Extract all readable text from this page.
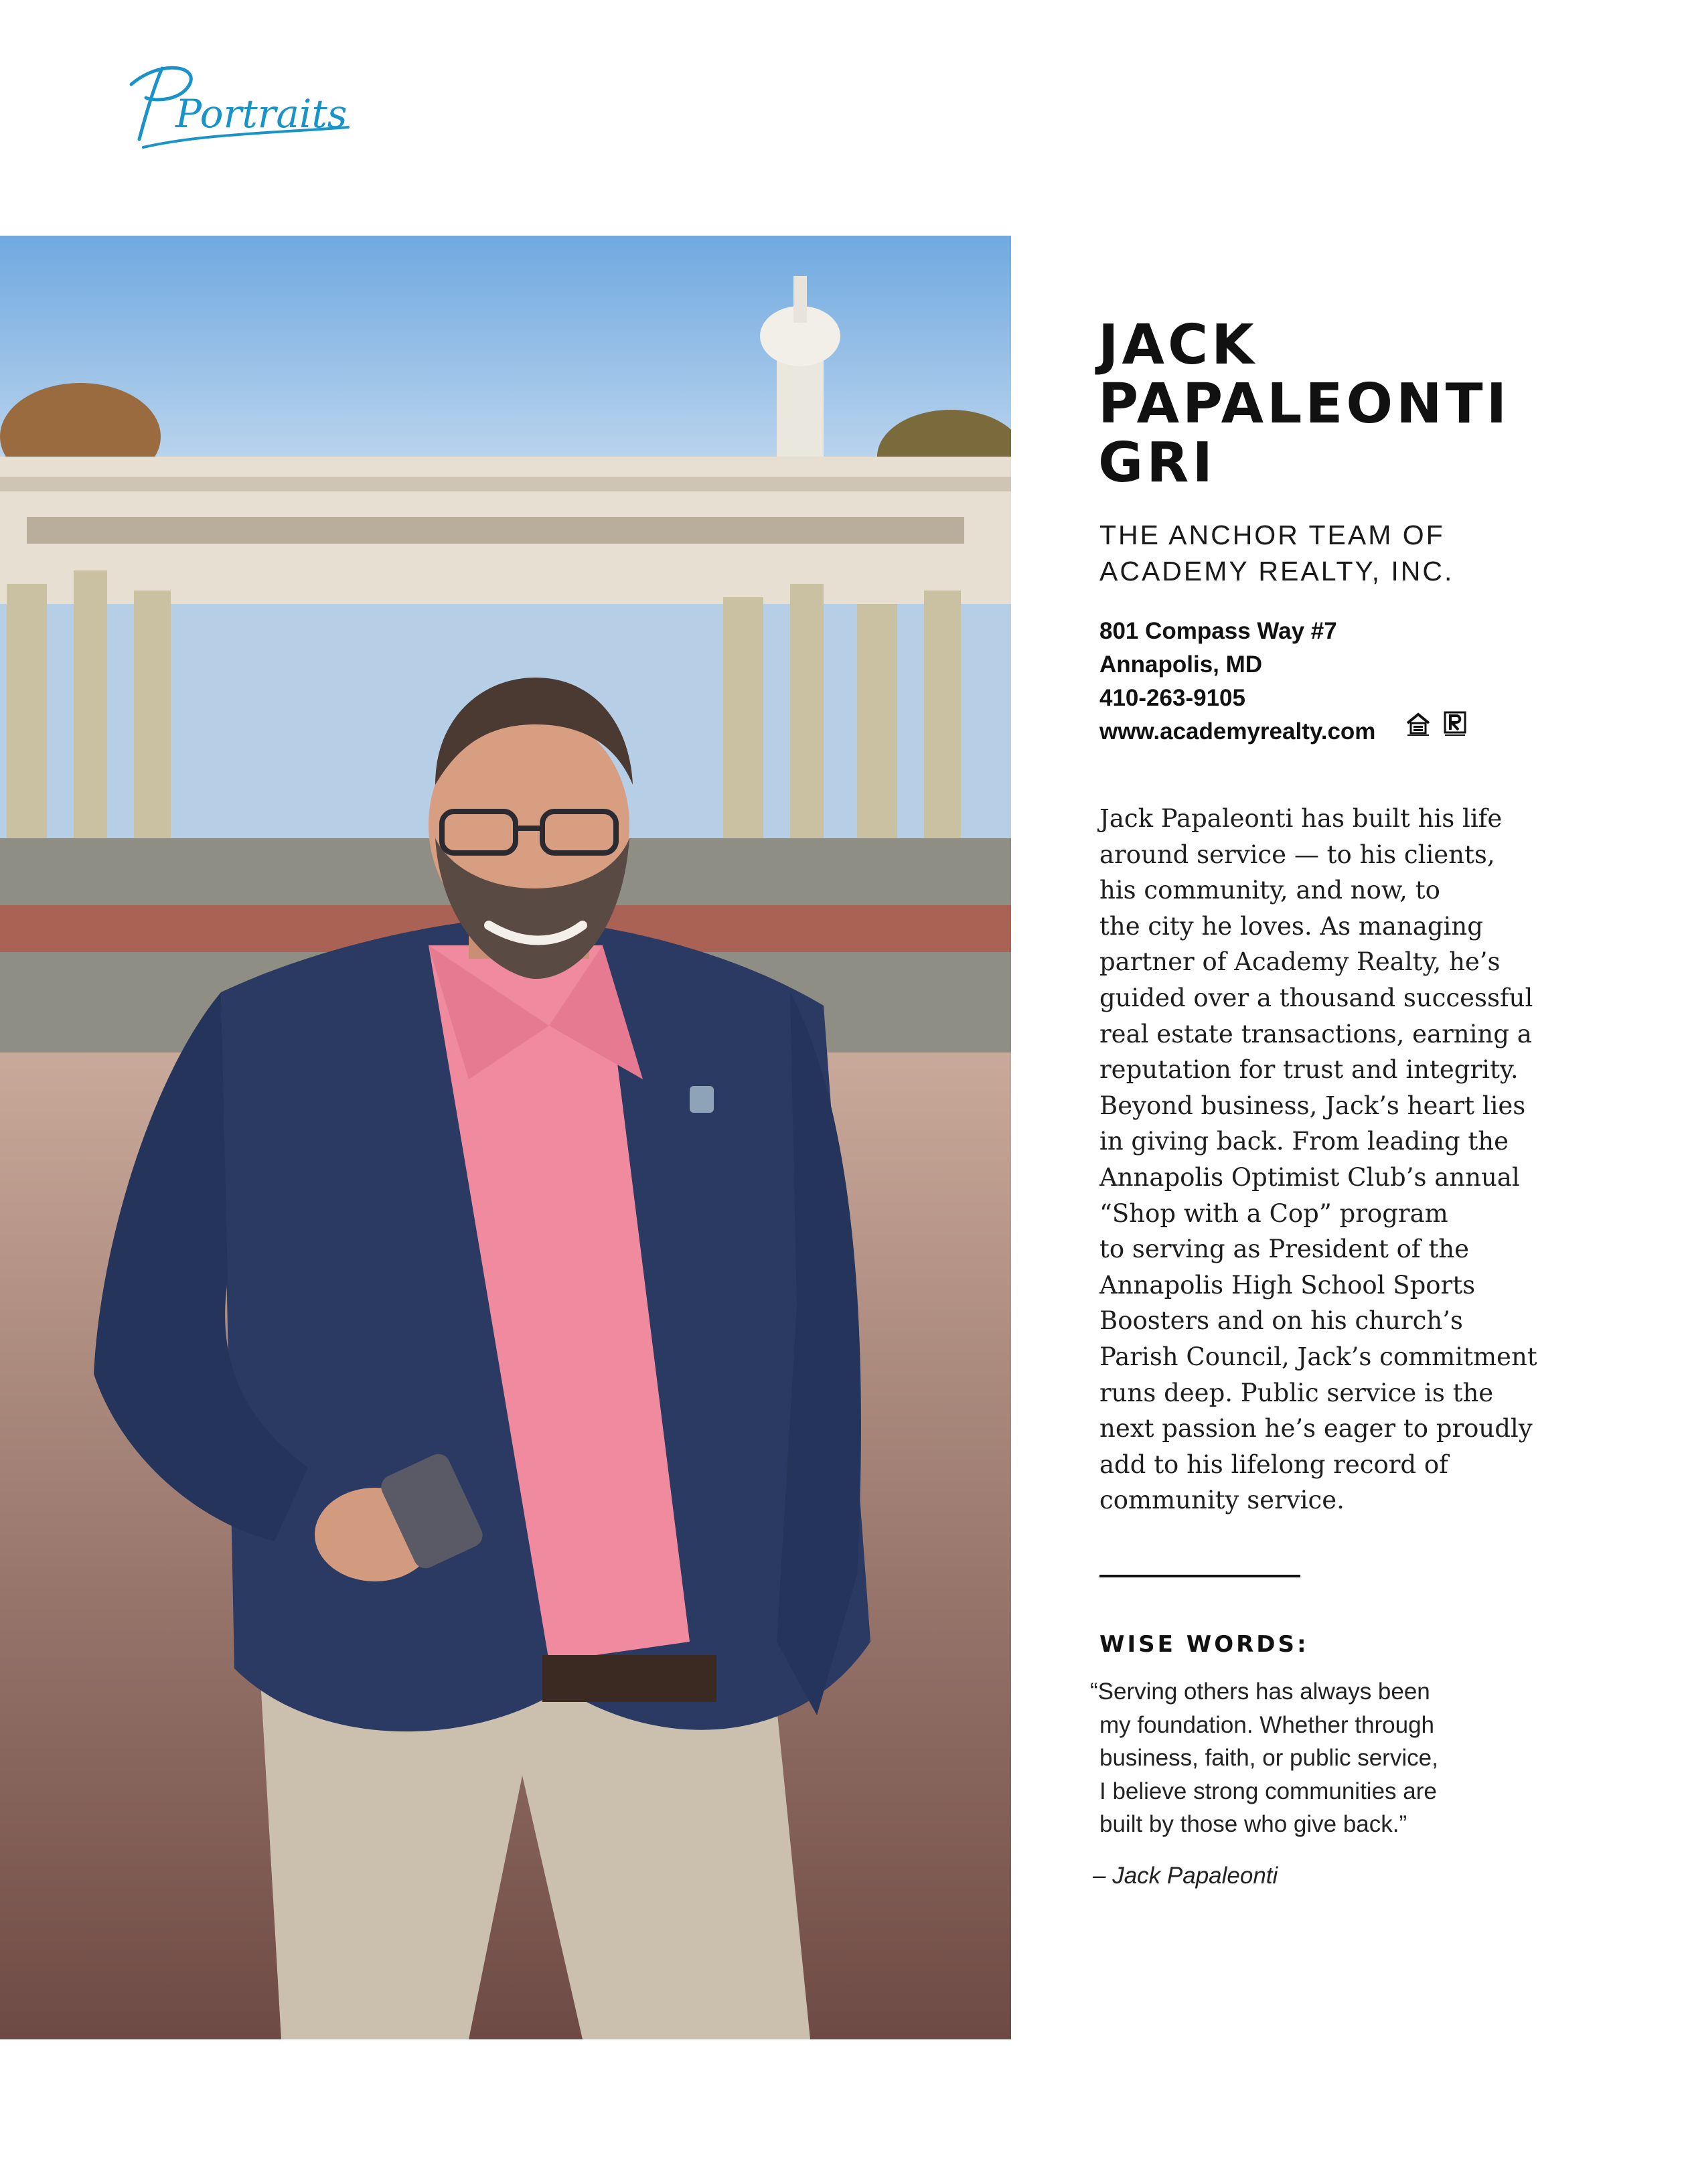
Portraits
JACK
PAPALEONTI
GRI
THE ANCHOR TEAM OF
ACADEMY REALTY, INC.
801 Compass Way #7
Annapolis, MD
410-263-9105
www.academyrealty.com

Jack Papaleonti has built his life
around service — to his clients,
his community, and now, to
the city he loves. As managing
partner of Academy Realty, he’s
guided over a thousand successful
real estate transactions, earning a
reputation for trust and integrity.
Beyond business, Jack’s heart lies
in giving back. From leading the
Annapolis Optimist Club’s annual
“Shop with a Cop” program
to serving as President of the
Annapolis High School Sports
Boosters and on his church’s
Parish Council, Jack’s commitment
runs deep. Public service is the
next passion he’s eager to proudly
add to his lifelong record of
community service.
WISE WORDS:
“Serving others has always been
my foundation. Whether through
business, faith, or public service,
I believe strong communities are
built by those who give back.”
– Jack Papaleonti
